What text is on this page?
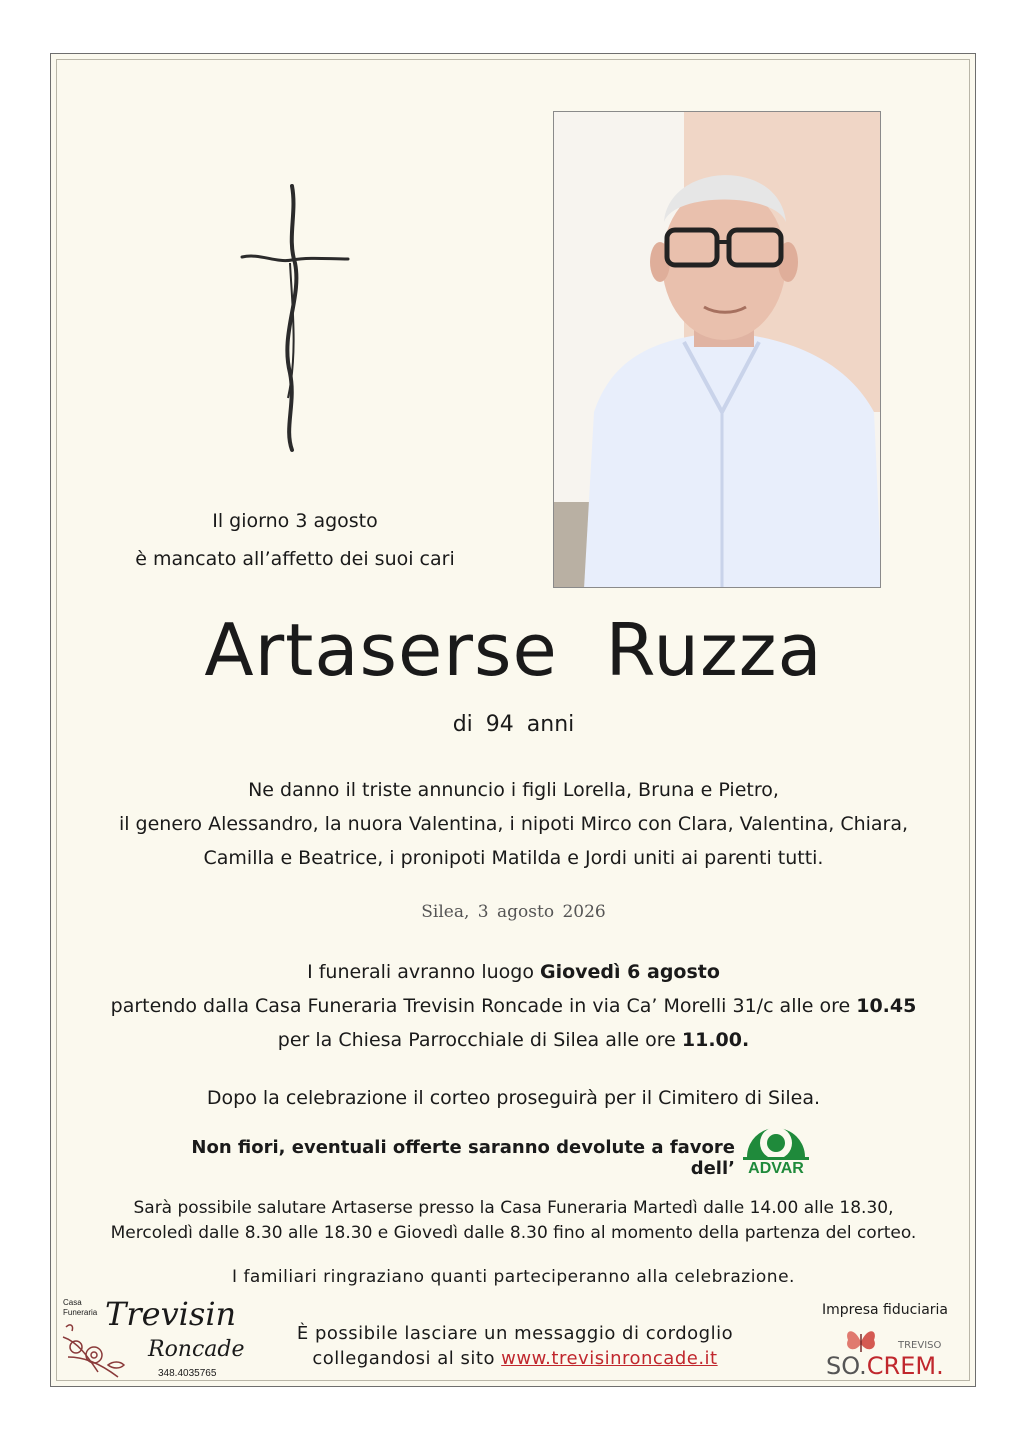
Il giorno 3 agosto
è mancato all’affetto dei suoi cari
Artaserse  Ruzza
di 94 anni
Ne danno il triste annuncio i figli Lorella, Bruna e Pietro,
il genero Alessandro, la nuora Valentina, i nipoti Mirco con Clara, Valentina, Chiara,
Camilla e Beatrice, i pronipoti Matilda e Jordi uniti ai parenti tutti.
Silea, 3 agosto 2026
I funerali avranno luogo Giovedì 6 agosto
partendo dalla Casa Funeraria Trevisin Roncade in via Ca’ Morelli 31/c alle ore 10.45
per la Chiesa Parrocchiale di Silea alle ore 11.00.
Dopo la celebrazione il corteo proseguirà per il Cimitero di Silea.
Non fiori, eventuali offerte saranno devolute a favore dell’ ADVAR
Sarà possibile salutare Artaserse presso la Casa Funeraria Martedì dalle 14.00 alle 18.30,
Mercoledì dalle 8.30 alle 18.30 e Giovedì dalle 8.30 fino al momento della partenza del corteo.
I familiari ringraziano quanti parteciperanno alla celebrazione.
È possibile lasciare un messaggio di cordoglio
collegandosi al sito www.trevisinroncade.it
Casa
Funeraria Trevisin
Roncade
348.4035765
Impresa fiduciaria
TREVISO
SO.CREM.
